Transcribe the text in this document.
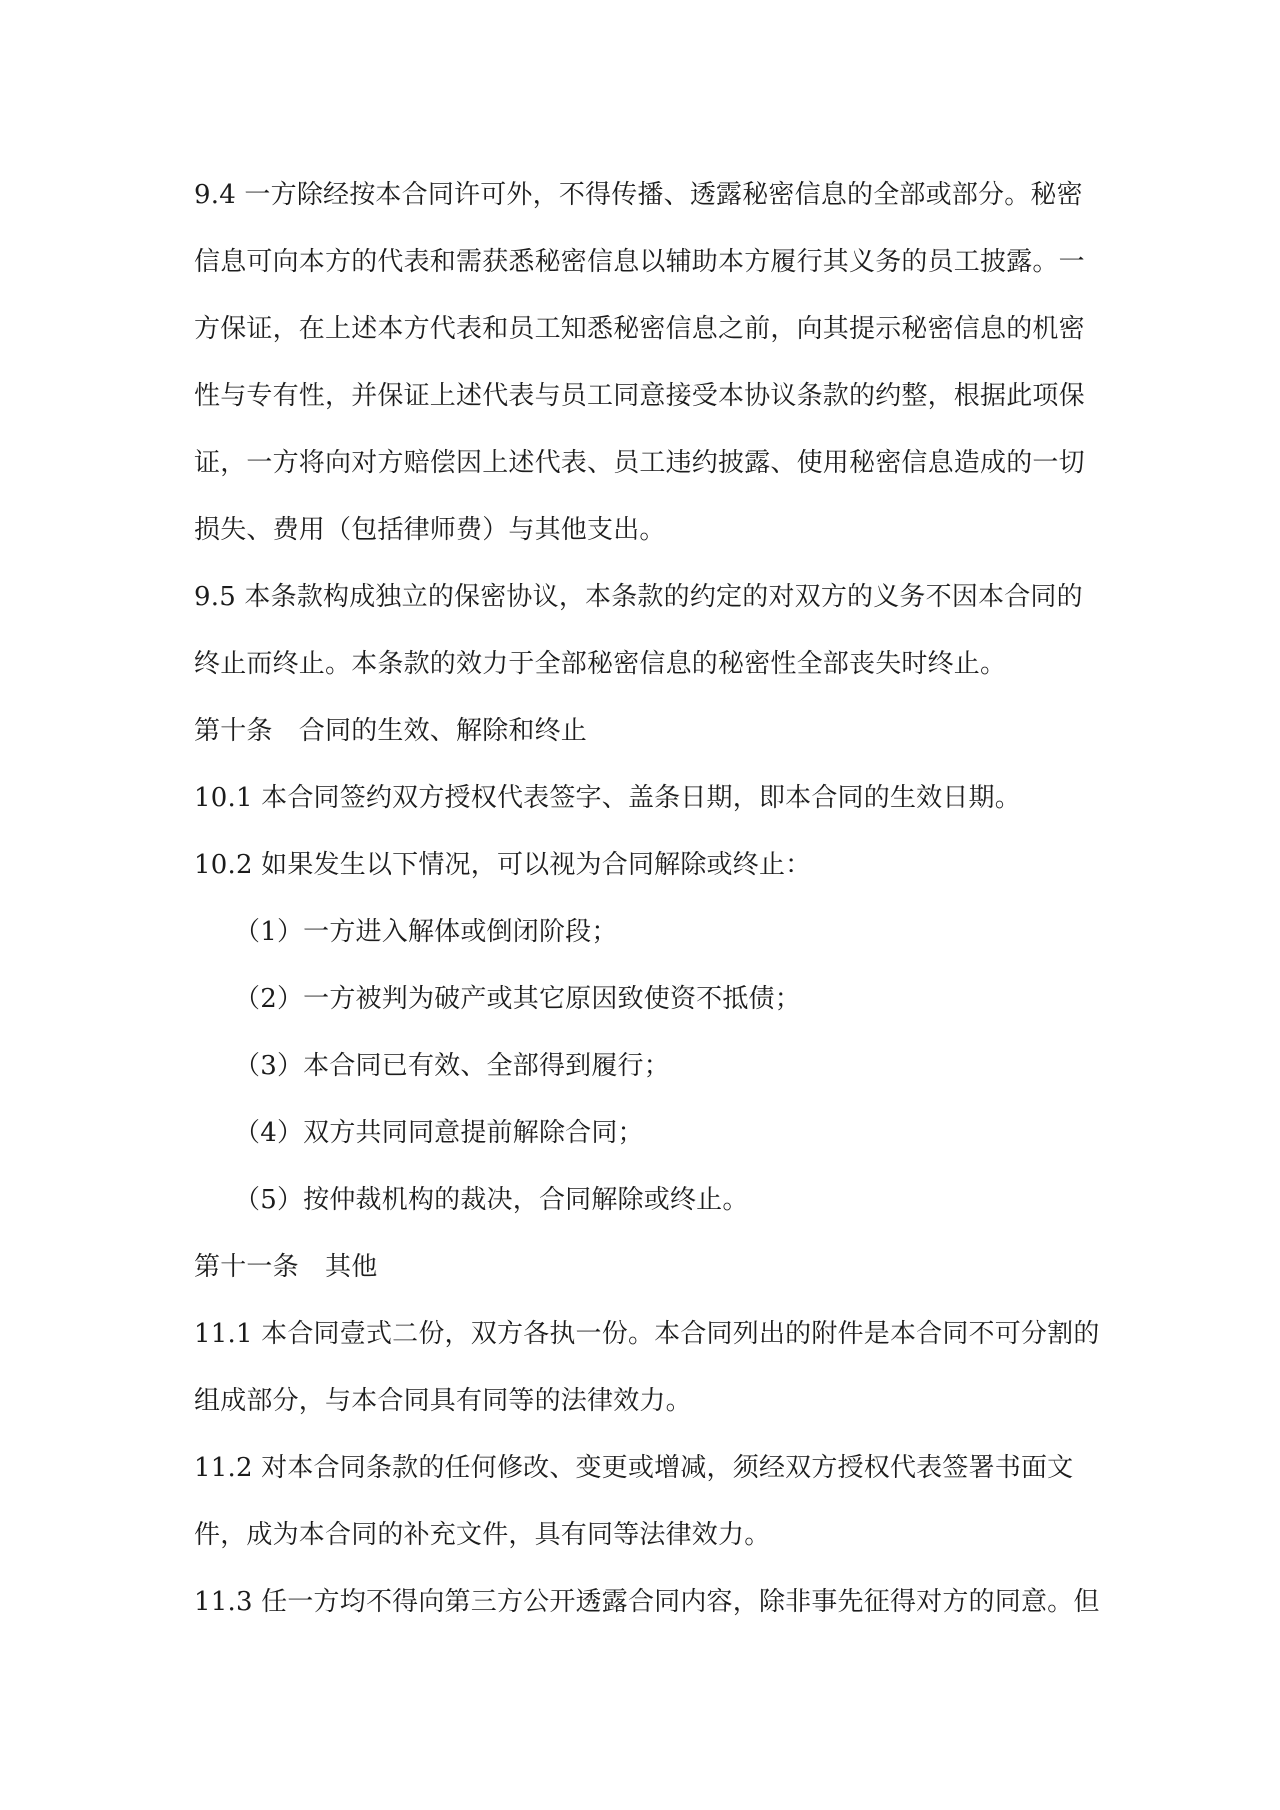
9.4 一方除经按本合同许可外，不得传播、透露秘密信息的全部或部分。秘密
信息可向本方的代表和需获悉秘密信息以辅助本方履行其义务的员工披露。一
方保证，在上述本方代表和员工知悉秘密信息之前，向其提示秘密信息的机密
性与专有性，并保证上述代表与员工同意接受本协议条款的约整，根据此项保
证，一方将向对方赔偿因上述代表、员工违约披露、使用秘密信息造成的一切
损失、费用（包括律师费）与其他支出。
9.5 本条款构成独立的保密协议，本条款的约定的对双方的义务不因本合同的
终止而终止。本条款的效力于全部秘密信息的秘密性全部丧失时终止。
第十条　合同的生效、解除和终止
10.1 本合同签约双方授权代表签字、盖条日期，即本合同的生效日期。
10.2 如果发生以下情况，可以视为合同解除或终止：
（1）一方进入解体或倒闭阶段；
（2）一方被判为破产或其它原因致使资不抵债；
（3）本合同已有效、全部得到履行；
（4）双方共同同意提前解除合同；
（5）按仲裁机构的裁决，合同解除或终止。
第十一条　其他
11.1 本合同壹式二份，双方各执一份。本合同列出的附件是本合同不可分割的
组成部分，与本合同具有同等的法律效力。
11.2 对本合同条款的任何修改、变更或增减，须经双方授权代表签署书面文
件，成为本合同的补充文件，具有同等法律效力。
11.3 任一方均不得向第三方公开透露合同内容，除非事先征得对方的同意。但
